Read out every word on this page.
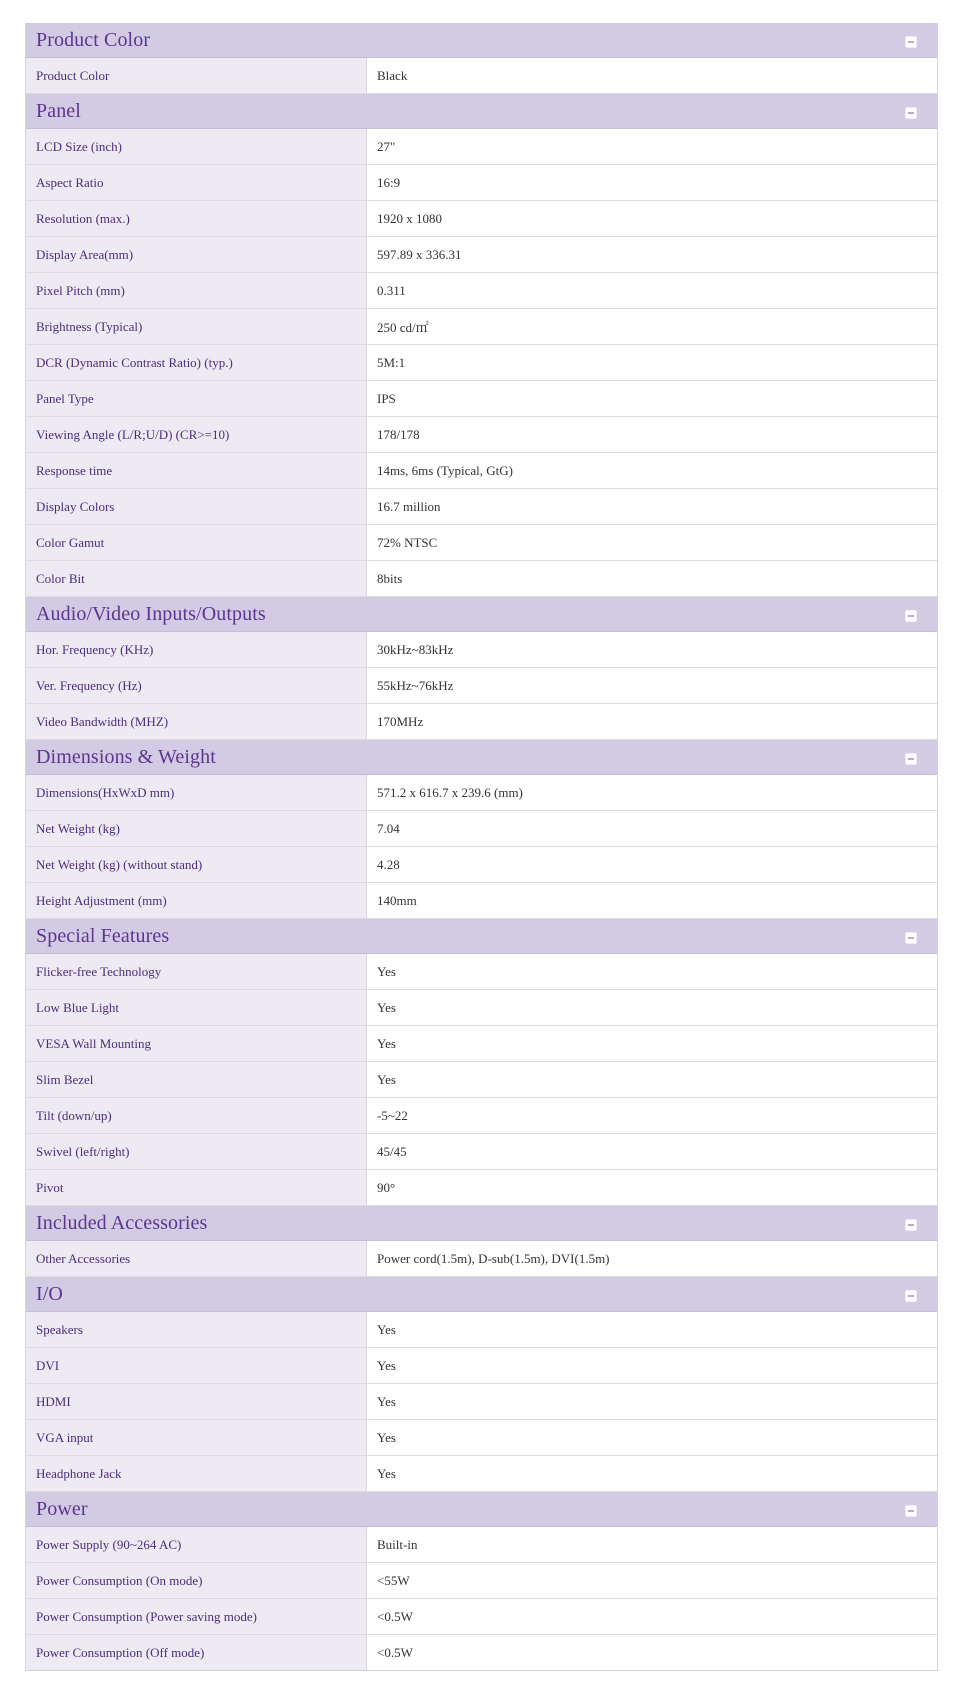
Product Color
Product Color	Black
Panel
LCD Size (inch)	27"
Aspect Ratio	16:9
Resolution (max.)	1920 x 1080
Display Area(mm)	597.89 x 336.31
Pixel Pitch (mm)	0.311
Brightness (Typical)	250 cd/㎡
DCR (Dynamic Contrast Ratio) (typ.)	5M:1
Panel Type	IPS
Viewing Angle (L/R;U/D) (CR>=10)	178/178
Response time	14ms, 6ms (Typical, GtG)
Display Colors	16.7 million
Color Gamut	72% NTSC
Color Bit	8bits
Audio/Video Inputs/Outputs
Hor. Frequency (KHz)	30kHz~83kHz
Ver. Frequency (Hz)	55kHz~76kHz
Video Bandwidth (MHZ)	170MHz
Dimensions & Weight
Dimensions(HxWxD mm)	571.2 x 616.7 x 239.6 (mm)
Net Weight (kg)	7.04
Net Weight (kg) (without stand)	4.28
Height Adjustment (mm)	140mm
Special Features
Flicker-free Technology	Yes
Low Blue Light	Yes
VESA Wall Mounting	Yes
Slim Bezel	Yes
Tilt (down/up)	-5~22
Swivel (left/right)	45/45
Pivot	90°
Included Accessories
Other Accessories	Power cord(1.5m), D-sub(1.5m), DVI(1.5m)
I/O
Speakers	Yes
DVI	Yes
HDMI	Yes
VGA input	Yes
Headphone Jack	Yes
Power
Power Supply (90~264 AC)	Built-in
Power Consumption (On mode)	<55W
Power Consumption (Power saving mode)	<0.5W
Power Consumption (Off mode)	<0.5W
